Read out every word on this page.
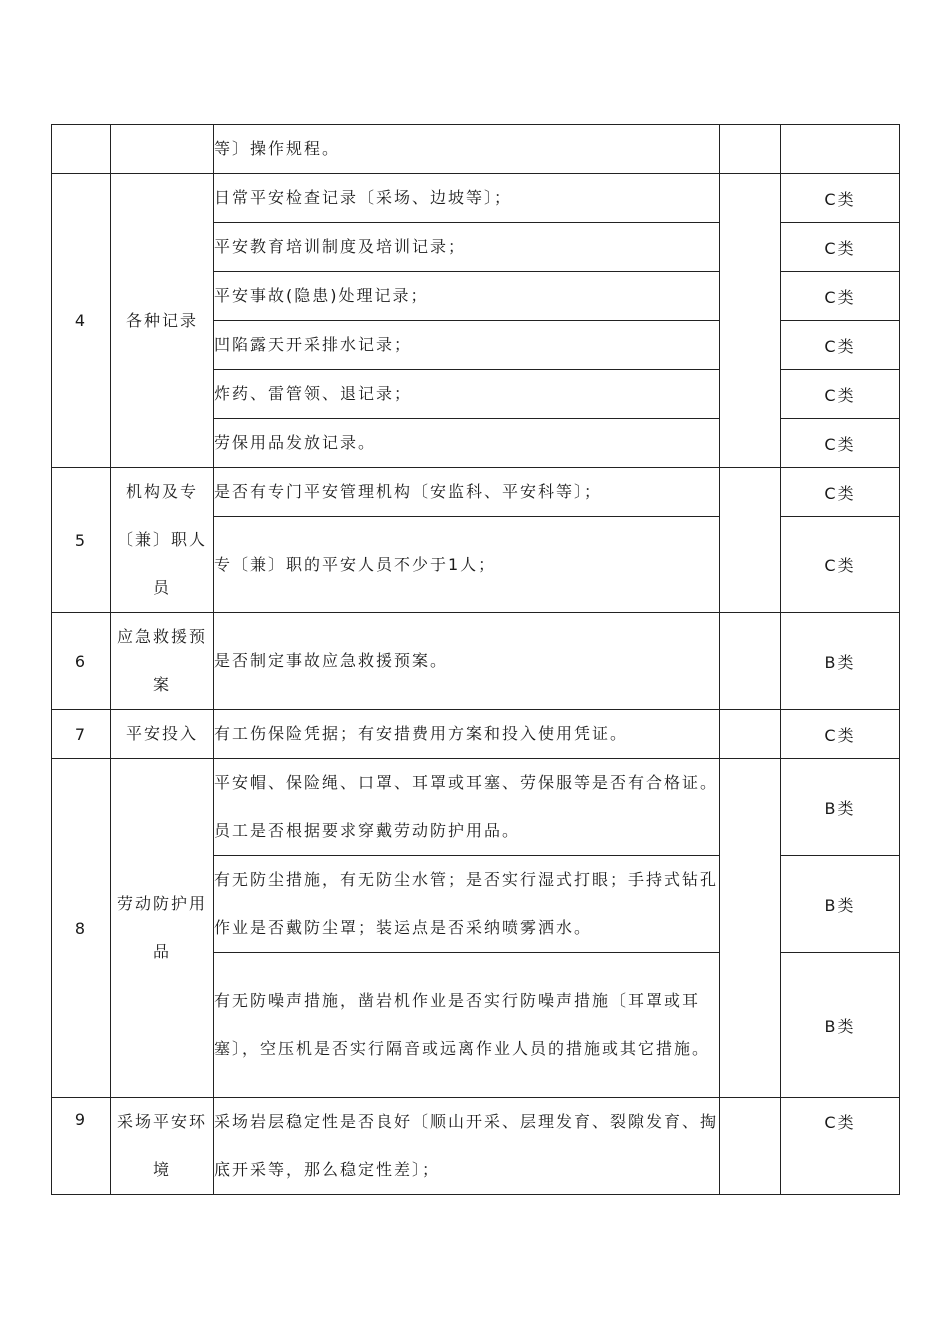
		等〕操作规程。		
4	各种记录	日常平安检查记录〔采场、边坡等〕；		C类
		平安教育培训制度及培训记录；		C类
		平安事故(隐患)处理记录；		C类
		凹陷露天开采排水记录；		C类
		炸药、雷管领、退记录；		C类
		劳保用品发放记录。		C类
5	机构及专〔兼〕职人员	是否有专门平安管理机构〔安监科、平安科等〕；		C类
		专〔兼〕职的平安人员不少于1人；		C类
6	应急救援预案	是否制定事故应急救援预案。		B类
7	平安投入	有工伤保险凭据；有安措费用方案和投入使用凭证。		C类
8	劳动防护用品	平安帽、保险绳、口罩、耳罩或耳塞、劳保服等是否有合格证。员工是否根据要求穿戴劳动防护用品。		B类
		有无防尘措施，有无防尘水管；是否实行湿式打眼；手持式钻孔作业是否戴防尘罩；装运点是否采纳喷雾洒水。		B类
		有无防噪声措施，凿岩机作业是否实行防噪声措施〔耳罩或耳塞〕，空压机是否实行隔音或远离作业人员的措施或其它措施。		B类
9	采场平安环境	采场岩层稳定性是否良好〔顺山开采、层理发育、裂隙发育、掏底开采等，那么稳定性差〕；		C类
